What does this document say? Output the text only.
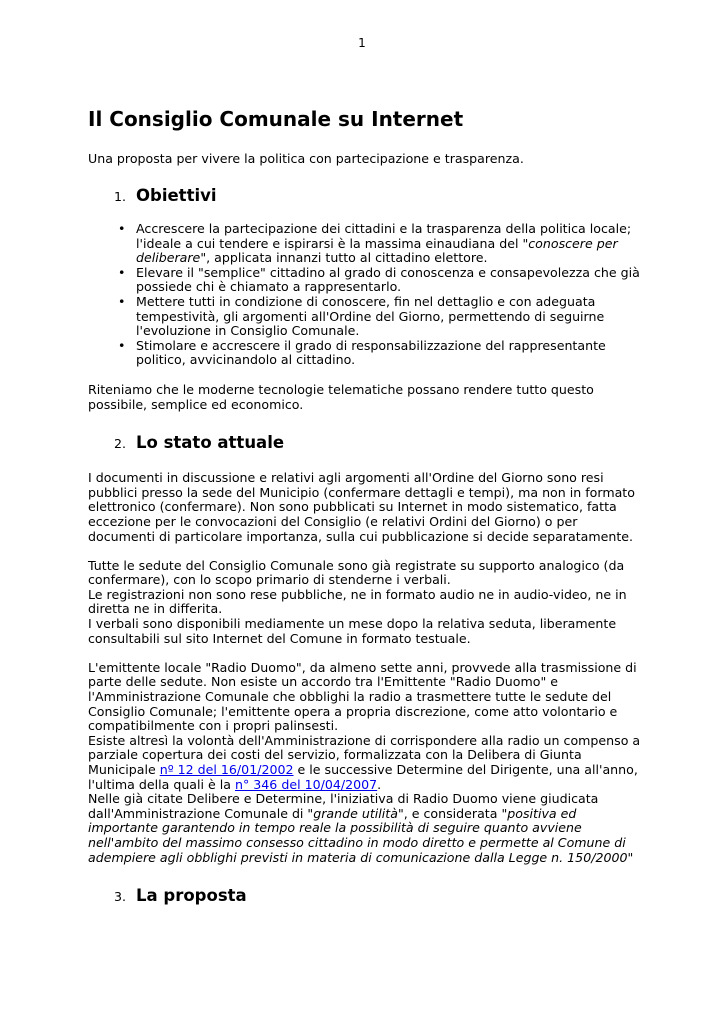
1
Il Consiglio Comunale su Internet

Una proposta per vivere la politica con partecipazione e trasparenza.

1. Obiettivi
• Accrescere la partecipazione dei cittadini e la trasparenza della politica locale; l'ideale a cui tendere e ispirarsi è la massima einaudiana del "conoscere per deliberare", applicata innanzi tutto al cittadino elettore.
• Elevare il "semplice" cittadino al grado di conoscenza e consapevolezza che già possiede chi è chiamato a rappresentarlo.
• Mettere tutti in condizione di conoscere, fin nel dettaglio e con adeguata tempestività, gli argomenti all'Ordine del Giorno, permettendo di seguirne l'evoluzione in Consiglio Comunale.
• Stimolare e accrescere il grado di responsabilizzazione del rappresentante politico, avvicinandolo al cittadino.

Riteniamo che le moderne tecnologie telematiche possano rendere tutto questo possibile, semplice ed economico.

2. Lo stato attuale

I documenti in discussione e relativi agli argomenti all'Ordine del Giorno sono resi pubblici presso la sede del Municipio (confermare dettagli e tempi), ma non in formato elettronico (confermare). Non sono pubblicati su Internet in modo sistematico, fatta eccezione per le convocazioni del Consiglio (e relativi Ordini del Giorno) o per documenti di particolare importanza, sulla cui pubblicazione si decide separatamente.

Tutte le sedute del Consiglio Comunale sono già registrate su supporto analogico (da confermare), con lo scopo primario di stenderne i verbali.

Le registrazioni non sono rese pubbliche, ne in formato audio ne in audio-video, ne in diretta ne in differita.

I verbali sono disponibili mediamente un mese dopo la relativa seduta, liberamente consultabili sul sito Internet del Comune in formato testuale.

L'emittente locale "Radio Duomo", da almeno sette anni, provvede alla trasmissione di parte delle sedute. Non esiste un accordo tra l'Emittente "Radio Duomo" e l'Amministrazione Comunale che obblighi la radio a trasmettere tutte le sedute del Consiglio Comunale; l'emittente opera a propria discrezione, come atto volontario e compatibilmente con i propri palinsesti.

Esiste altresì la volontà dell'Amministrazione di corrispondere alla radio un compenso a parziale copertura dei costi del servizio, formalizzata con la Delibera di Giunta Municipale nº 12 del 16/01/2002 e le successive Determine del Dirigente, una all'anno, l'ultima della quali è la n° 346 del 10/04/2007.

Nelle già citate Delibere e Determine, l'iniziativa di Radio Duomo viene giudicata dall'Amministrazione Comunale di "grande utilità", e considerata "positiva ed importante garantendo in tempo reale la possibilità di seguire quanto avviene nell'ambito del massimo consesso cittadino in modo diretto e permette al Comune di adempiere agli obblighi previsti in materia di comunicazione dalla Legge n. 150/2000"

3. La proposta
